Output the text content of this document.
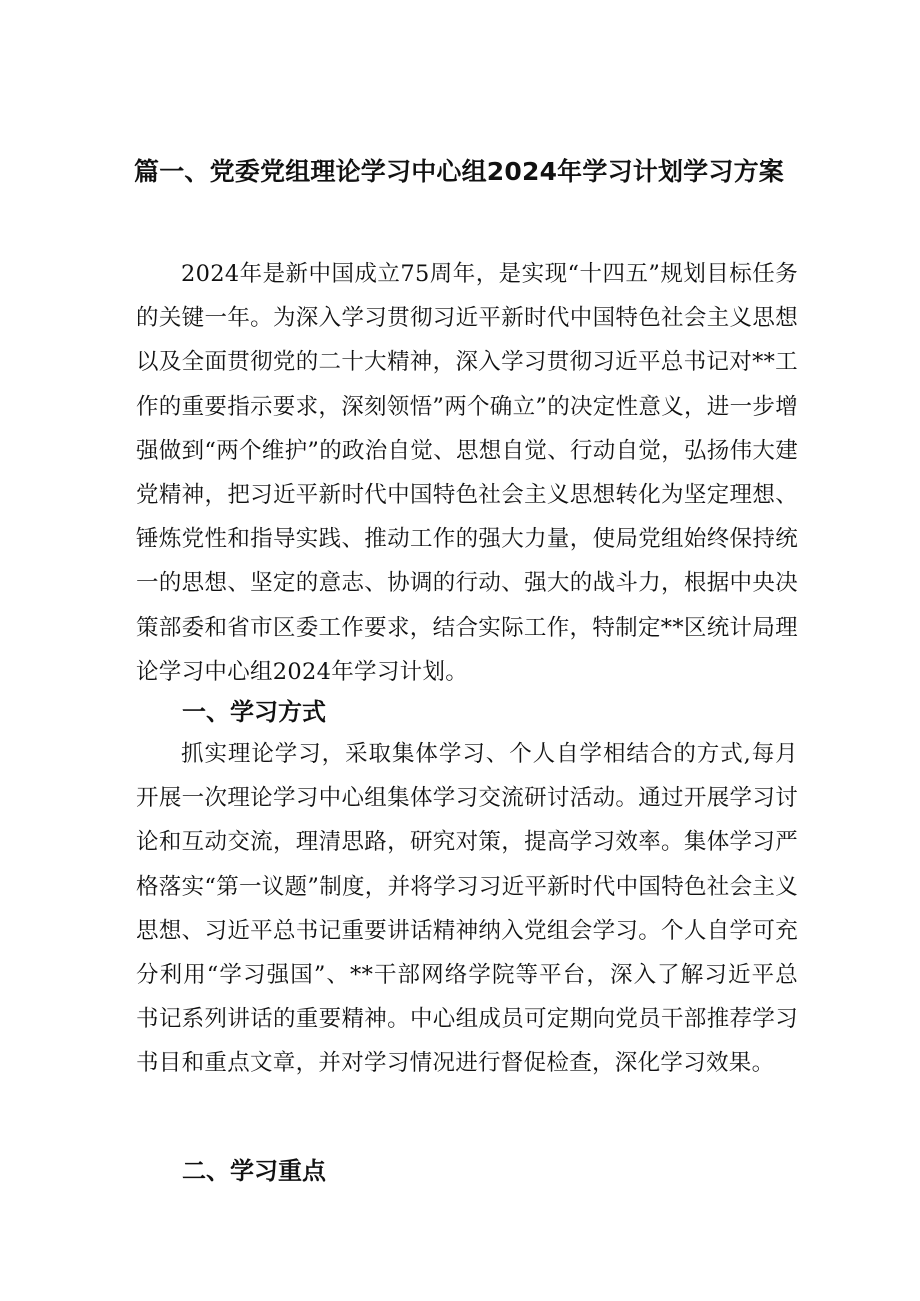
篇一、党委党组理论学习中心组2024年学习计划学习方案

2024年是新中国成立75周年，是实现“十四五”规划目标任务的关键一年。为深入学习贯彻习近平新时代中国特色社会主义思想以及全面贯彻党的二十大精神，深入学习贯彻习近平总书记对**工作的重要指示要求，深刻领悟”两个确立”的决定性意义，进一步增强做到“两个维护”的政治自觉、思想自觉、行动自觉，弘扬伟大建党精神，把习近平新时代中国特色社会主义思想转化为坚定理想、锤炼党性和指导实践、推动工作的强大力量，使局党组始终保持统一的思想、坚定的意志、协调的行动、强大的战斗力，根据中央决策部委和省市区委工作要求，结合实际工作，特制定**区统计局理论学习中心组2024年学习计划。

一、学习方式

抓实理论学习，采取集体学习、个人自学相结合的方式,每月开展一次理论学习中心组集体学习交流研讨活动。通过开展学习讨论和互动交流，理清思路，研究对策，提高学习效率。集体学习严格落实“第一议题”制度，并将学习习近平新时代中国特色社会主义思想、习近平总书记重要讲话精神纳入党组会学习。个人自学可充分利用“学习强国”、**干部网络学院等平台，深入了解习近平总书记系列讲话的重要精神。中心组成员可定期向党员干部推荐学习书目和重点文章，并对学习情况进行督促检查，深化学习效果。

二、学习重点
